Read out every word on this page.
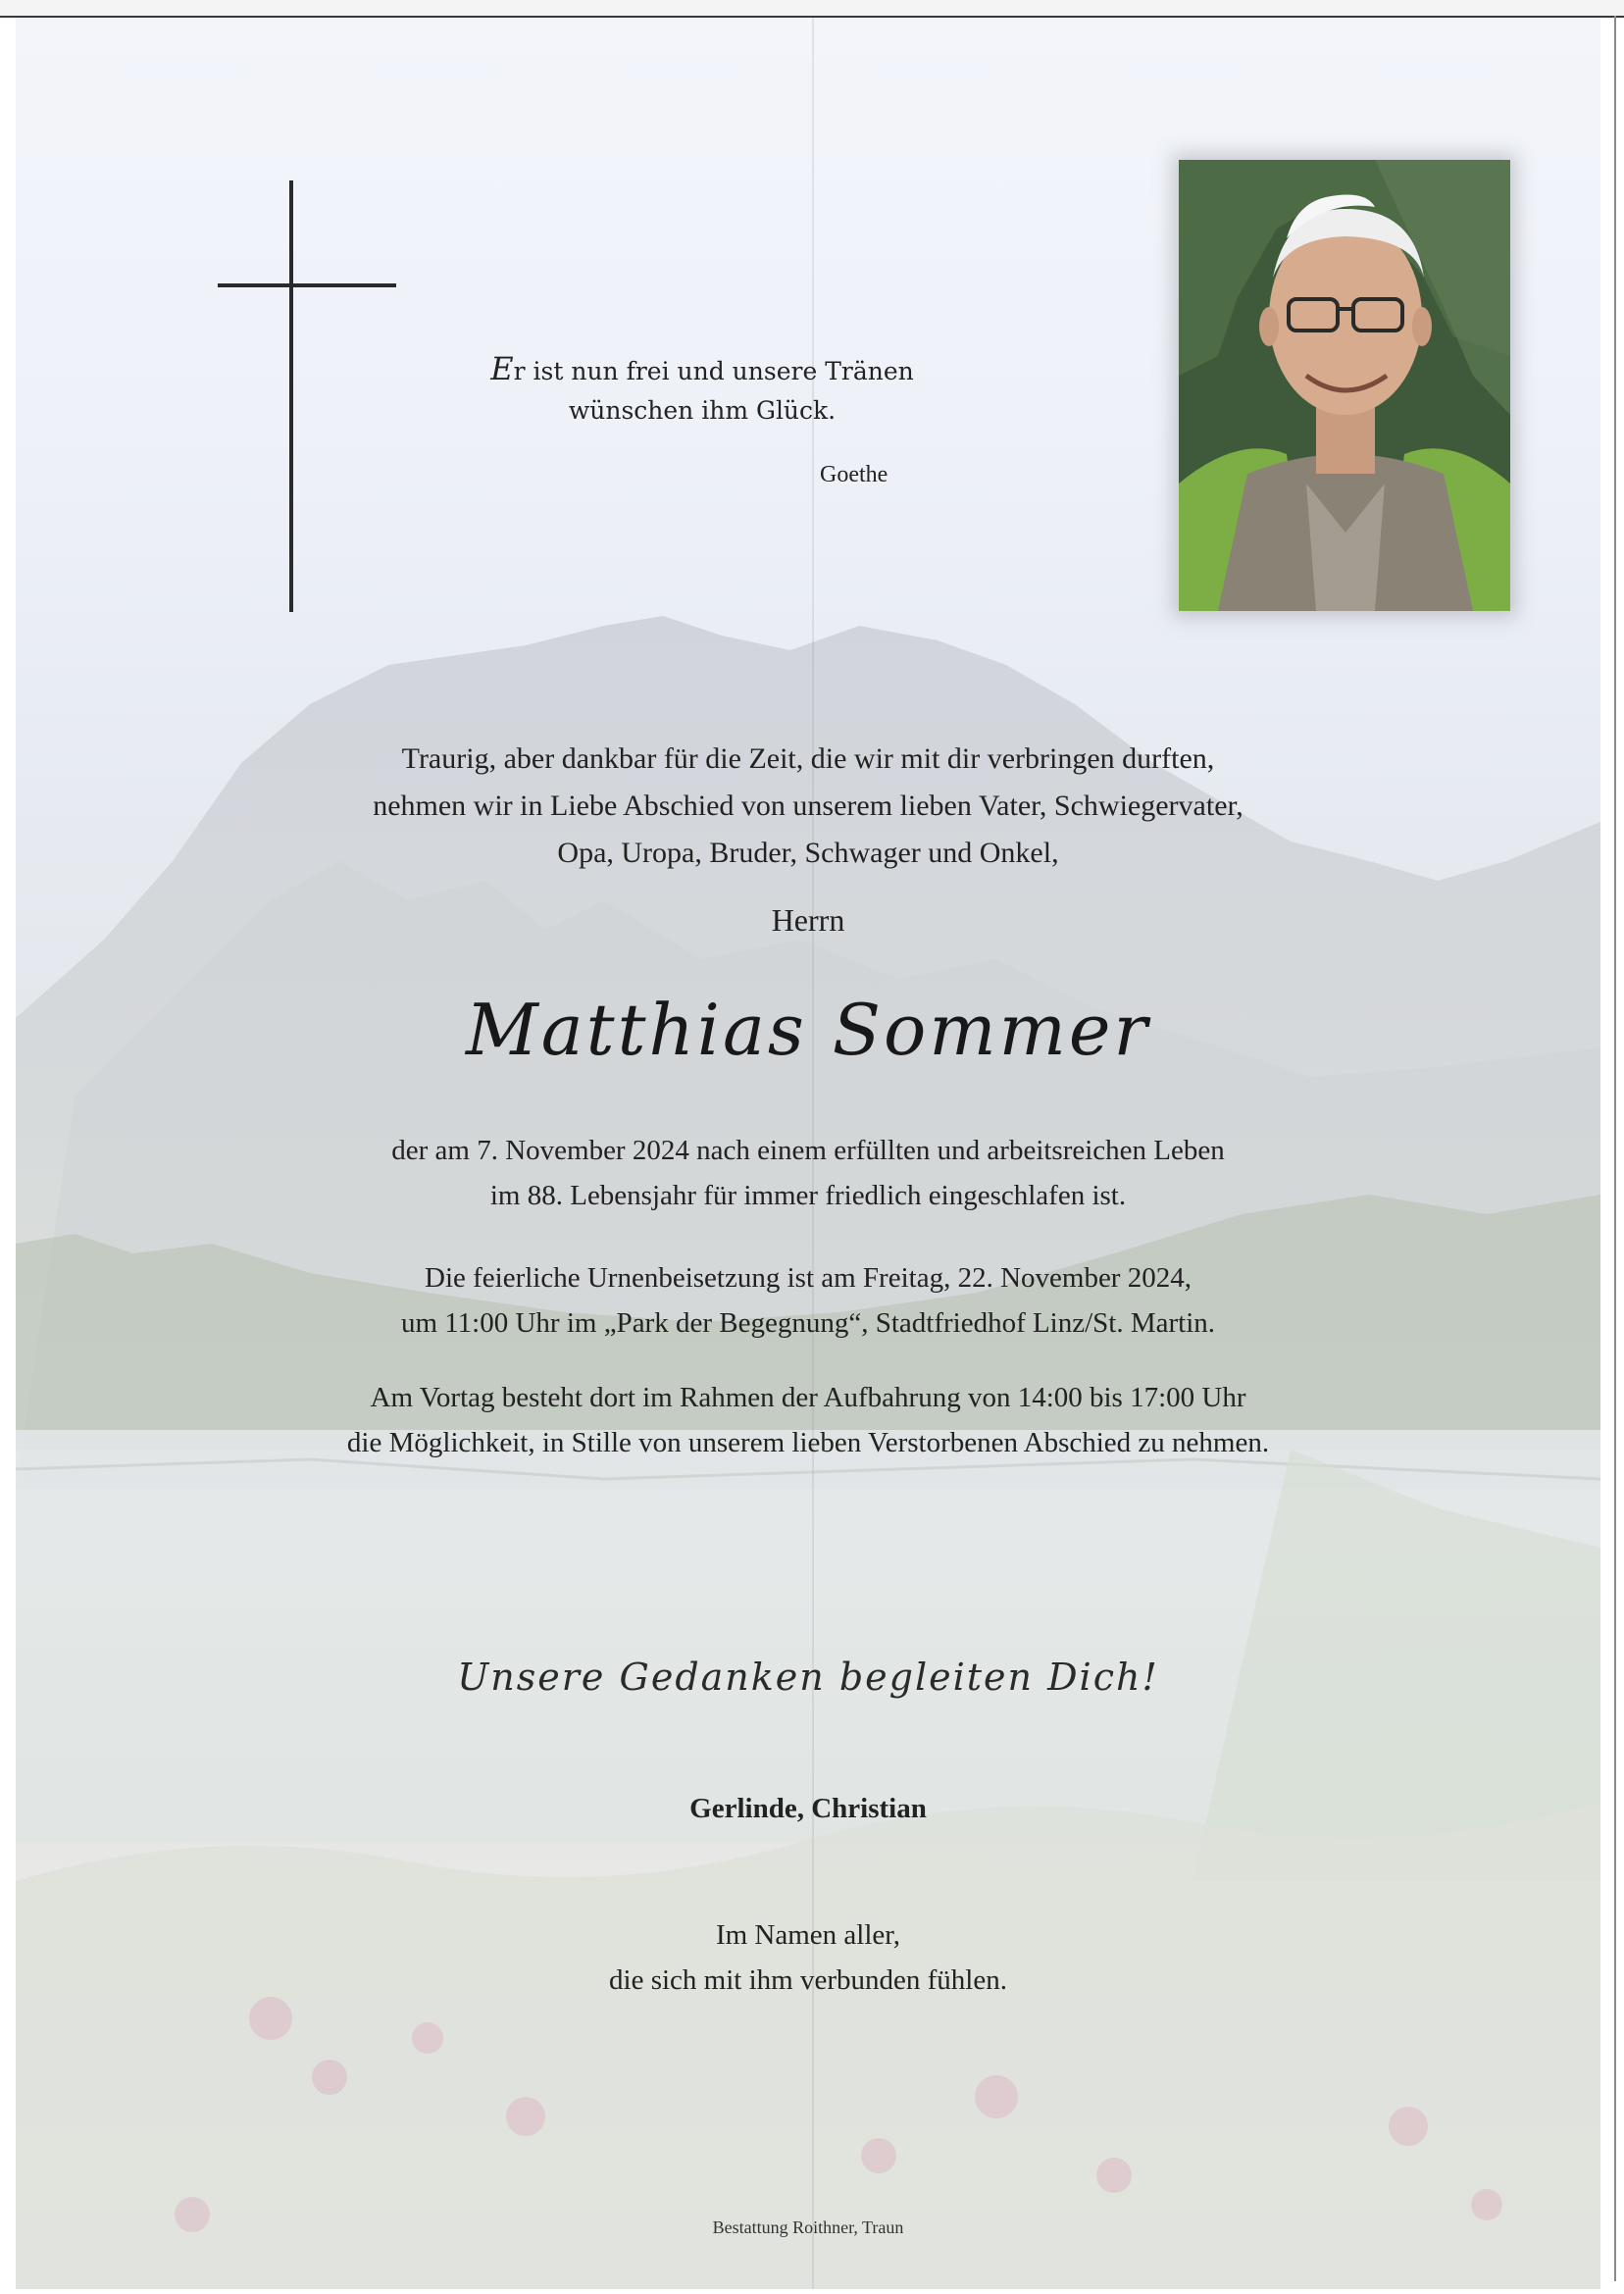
Er ist nun frei und unsere Tränen
wünschen ihm Glück.
Goethe
Traurig, aber dankbar für die Zeit, die wir mit dir verbringen durften,
nehmen wir in Liebe Abschied von unserem lieben Vater, Schwiegervater,
Opa, Uropa, Bruder, Schwager und Onkel,
Herrn
Matthias Sommer
der am 7. November 2024 nach einem erfüllten und arbeitsreichen Leben
im 88. Lebensjahr für immer friedlich eingeschlafen ist.
Die feierliche Urnenbeisetzung ist am Freitag, 22. November 2024,
um 11:00 Uhr im „Park der Begegnung“, Stadtfriedhof Linz/St. Martin.
Am Vortag besteht dort im Rahmen der Aufbahrung von 14:00 bis 17:00 Uhr
die Möglichkeit, in Stille von unserem lieben Verstorbenen Abschied zu nehmen.
Unsere Gedanken begleiten Dich!
Gerlinde, Christian
Im Namen aller,
die sich mit ihm verbunden fühlen.
Bestattung Roithner, Traun
